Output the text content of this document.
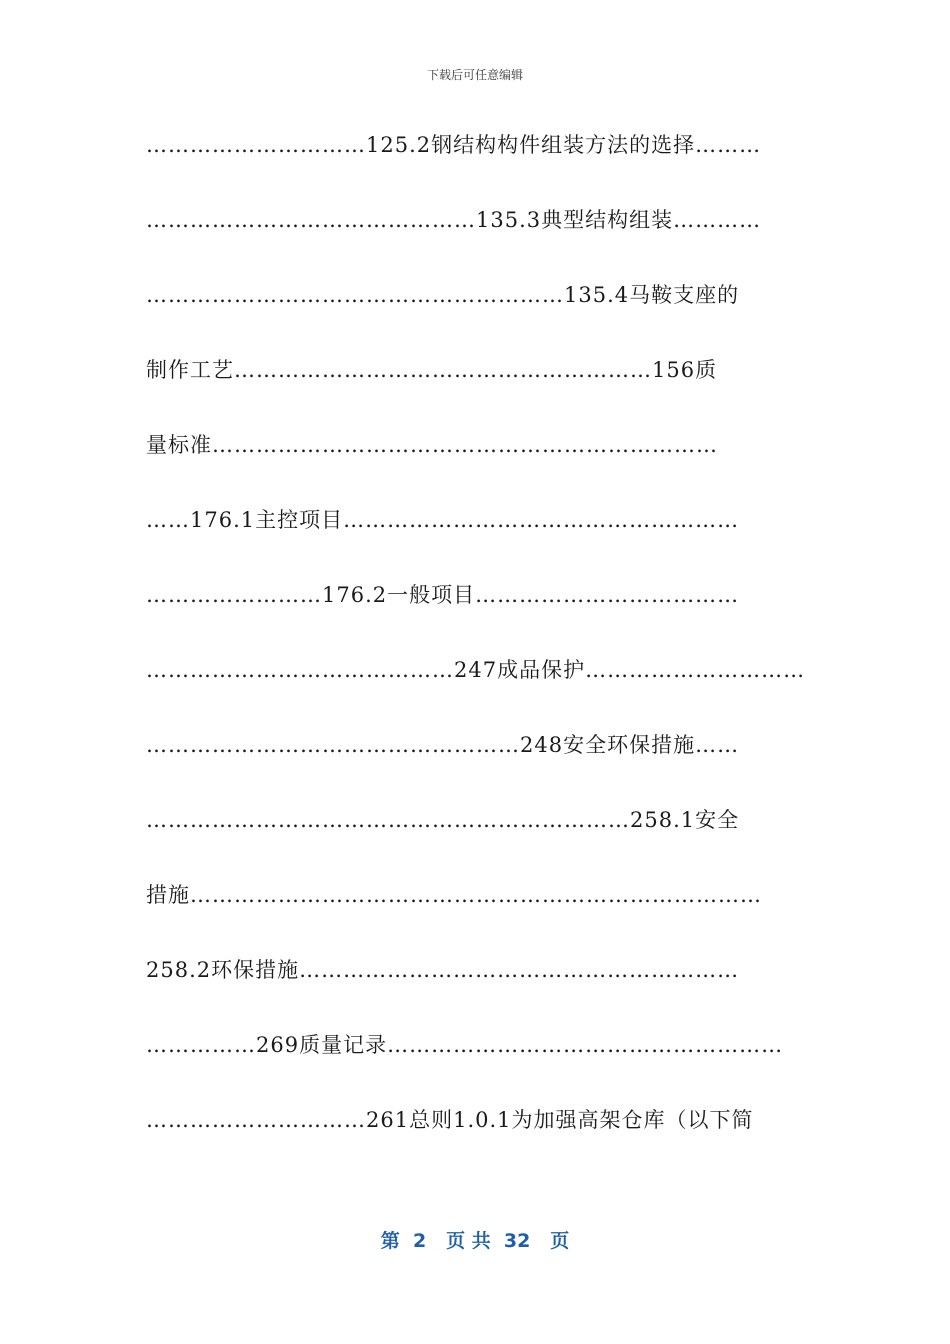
下载后可任意编辑
…………………………125.2钢结构构件组装方法的选择………
………………………………………135.3典型结构组装…………
…………………………………………………135.4马鞍支座的
制作工艺…………………………………………………156质
量标准……………………………………………………………
……176.1主控项目………………………………………………
……………………176.2一般项目………………………………
……………………………………247成品保护…………………………
……………………………………………248安全环保措施……
…………………………………………………………258.1安全
措施……………………………………………………………………
258.2环保措施……………………………………………………
……………269质量记录………………………………………………
…………………………261总则1.0.1为加强高架仓库（以下简
第  2   页 共  32   页
